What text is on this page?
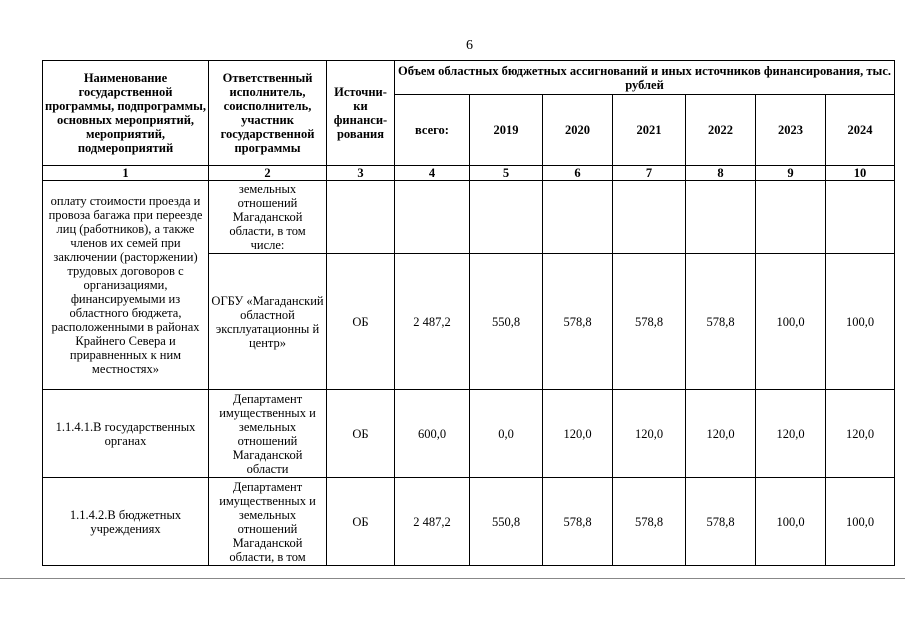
6
Наименование государственной программы, подпрограммы, основных мероприятий, мероприятий, подмероприятий	Ответственный исполнитель, соисполнитель, участник государственной программы	Источни-ки финанси-рования	Объем областных бюджетных ассигнований и иных источников финансирования, тыс. рублей						
			всего:	2019	2020	2021	2022	2023	2024
1	2	3	4	5	6	7	8	9	10
оплату стоимости проезда и провоза багажа при переезде лиц (работников), а также членов их семей при заключении (расторжении) трудовых договоров с организациями, финансируемыми из областного бюджета, расположенными в районах Крайнего Севера и приравненных к ним местностях»	земельных отношений Магаданской области, в том числе:								
	ОГБУ «Магаданский областной эксплуатационны й центр»	ОБ	2 487,2	550,8	578,8	578,8	578,8	100,0	100,0
1.1.4.1.В государственных органах	Департамент имущественных и земельных отношений Магаданской области	ОБ	600,0	0,0	120,0	120,0	120,0	120,0	120,0
1.1.4.2.В бюджетных учреждениях	Департамент имущественных и земельных отношений Магаданской области, в том	ОБ	2 487,2	550,8	578,8	578,8	578,8	100,0	100,0
